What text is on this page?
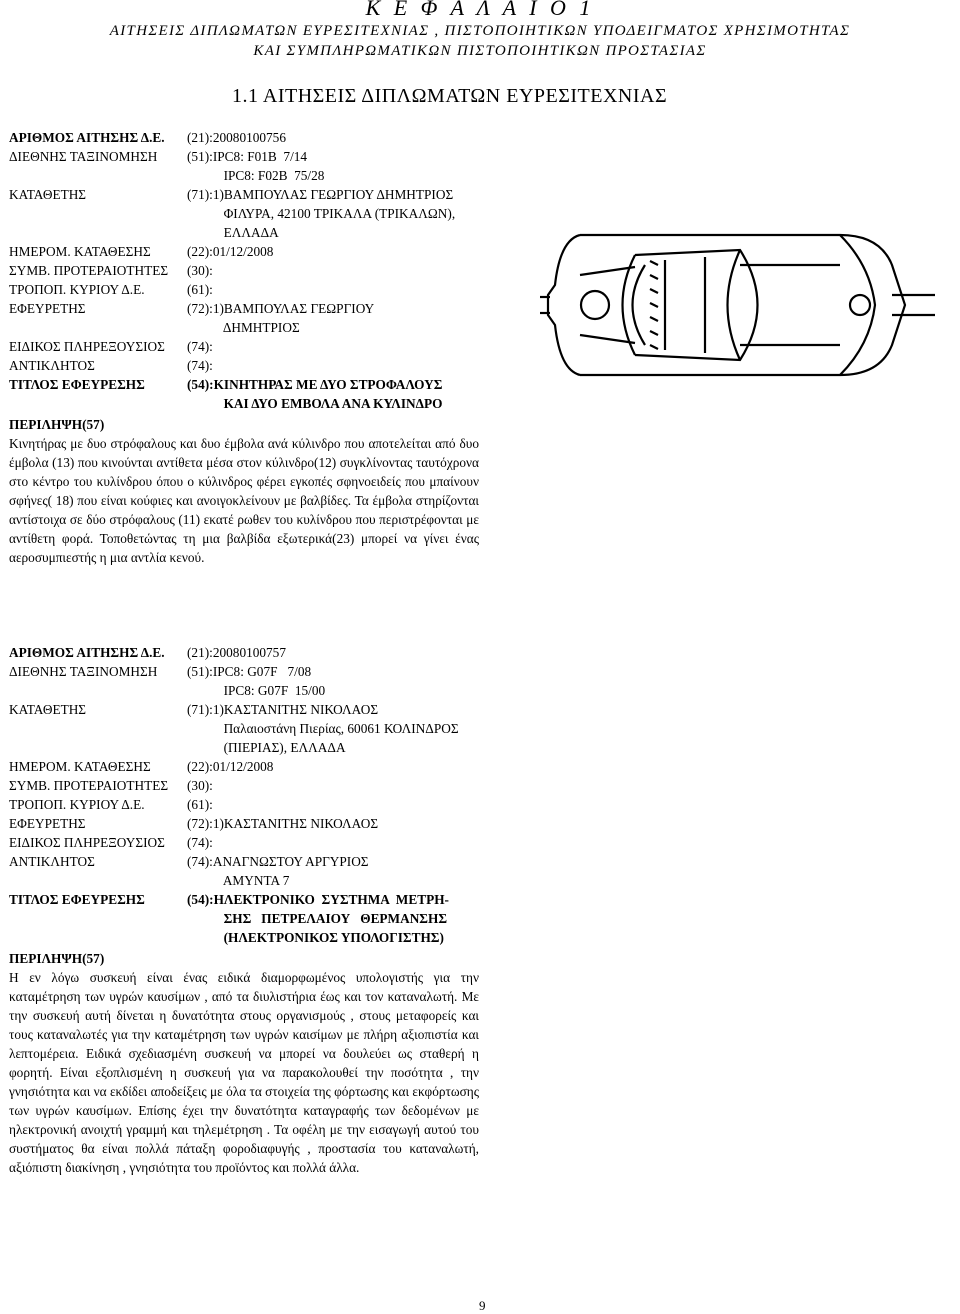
Κ Ε Φ Α Λ Α Ι Ο 1
ΑΙΤΗΣΕΙΣ ΔΙΠΛΩΜΑΤΩΝ ΕΥΡΕΣΙΤΕΧΝΙΑΣ , ΠΙΣΤΟΠΟΙΗΤΙΚΩΝ ΥΠΟΔΕΙΓΜΑΤΟΣ ΧΡΗΣΙΜΟΤΗΤΑΣ
ΚΑΙ ΣΥΜΠΛΗΡΩΜΑΤΙΚΩΝ ΠΙΣΤΟΠΟΙΗΤΙΚΩΝ ΠΡΟΣΤΑΣΙΑΣ
1.1 ΑΙΤΗΣΕΙΣ ΔΙΠΛΩΜΑΤΩΝ ΕΥΡΕΣΙΤΕΧΝΙΑΣ
ΑΡΙΘΜΟΣ ΑΙΤΗΣΗΣ Δ.Ε.	(21):20080100756
ΔΙΕΘΝΗΣ ΤΑΞΙΝΟΜΗΣΗ	(51):IPC8: F01B  7/14
IPC8: F02B  75/28
ΚΑΤΑΘΕΤΗΣ	(71):1)ΒΑΜΠΟΥΛΑΣ ΓΕΩΡΓΙΟΥ ΔΗΜΗΤΡΙΟΣ
ΦΙΛΥΡΑ, 42100 ΤΡΙΚΑΛΑ (ΤΡΙΚΑΛΩΝ),
ΕΛΛΑΔΑ
ΗΜΕΡΟΜ. ΚΑΤΑΘΕΣΗΣ	(22):01/12/2008
ΣΥΜΒ. ΠΡΟΤΕΡΑΙΟΤΗΤΕΣ	(30):
ΤΡΟΠΟΠ. ΚΥΡΙΟΥ Δ.Ε.	(61):
ΕΦΕΥΡΕΤΗΣ	(72):1)ΒΑΜΠΟΥΛΑΣ ΓΕΩΡΓΙΟΥ
ΔΗΜΗΤΡΙΟΣ
ΕΙΔΙΚΟΣ ΠΛΗΡΕΞΟΥΣΙΟΣ	(74):
ΑΝΤΙΚΛΗΤΟΣ	(74):
ΤΙΤΛΟΣ ΕΦΕΥΡΕΣΗΣ	(54):ΚΙΝΗΤΗΡΑΣ ΜΕ ΔΥΟ ΣΤΡΟΦΑΛΟΥΣ
ΚΑΙ ΔΥΟ ΕΜΒΟΛΑ ΑΝΑ ΚΥΛΙΝΔΡΟ
ΠΕΡΙΛΗΨΗ(57)
Κινητήρας με δυο στρόφαλους και δυο έμβολα ανά κύλινδρο που αποτελείται από δυο έμβολα (13) που κινούνται αντίθετα μέσα στον κύλινδρο(12) συγκλίνοντας ταυτόχρονα στο κέντρο του κυλίνδρου όπου ο κύλινδρος φέρει εγκοπές σφηνοειδείς που μπαίνουν σφήνες( 18) που είναι κούφιες και ανοιγοκλείνουν με βαλβίδες. Τα έμβολα στηρίζονται αντίστοιχα σε δύο στρόφαλους (11) εκατέ ρωθεν του κυλίνδρου που περιστρέφονται με αντίθετη φορά. Τοποθετώντας τη μια βαλβίδα εξωτερικά(23) μπορεί να γίνει ένας αεροσυμπιεστής η μια αντλία κενού.
ΑΡΙΘΜΟΣ ΑΙΤΗΣΗΣ Δ.Ε.	(21):20080100757
ΔΙΕΘΝΗΣ ΤΑΞΙΝΟΜΗΣΗ	(51):IPC8: G07F   7/08
IPC8: G07F  15/00
ΚΑΤΑΘΕΤΗΣ	(71):1)ΚΑΣΤΑΝΙΤΗΣ ΝΙΚΟΛΑΟΣ
Παλαιοστάνη Πιερίας, 60061 ΚΟΛΙΝΔΡΟΣ
(ΠΙΕΡΙΑΣ), ΕΛΛΑΔΑ
ΗΜΕΡΟΜ. ΚΑΤΑΘΕΣΗΣ	(22):01/12/2008
ΣΥΜΒ. ΠΡΟΤΕΡΑΙΟΤΗΤΕΣ	(30):
ΤΡΟΠΟΠ. ΚΥΡΙΟΥ Δ.Ε.	(61):
ΕΦΕΥΡΕΤΗΣ	(72):1)ΚΑΣΤΑΝΙΤΗΣ ΝΙΚΟΛΑΟΣ
ΕΙΔΙΚΟΣ ΠΛΗΡΕΞΟΥΣΙΟΣ	(74):
ΑΝΤΙΚΛΗΤΟΣ	(74):ΑΝΑΓΝΩΣΤΟΥ ΑΡΓΥΡΙΟΣ
ΑΜΥΝΤΑ 7
ΤΙΤΛΟΣ ΕΦΕΥΡΕΣΗΣ	(54):ΗΛΕΚΤΡΟΝΙΚΟ  ΣΥΣΤΗΜΑ  ΜΕΤΡΗ-
ΣΗΣ   ΠΕΤΡΕΛΑΙΟΥ   ΘΕΡΜΑΝΣΗΣ
(ΗΛΕΚΤΡΟΝΙΚΟΣ ΥΠΟΛΟΓΙΣΤΗΣ)
ΠΕΡΙΛΗΨΗ(57)
Η εν λόγω συσκευή είναι ένας ειδικά διαμορφωμένος υπολογιστής για την καταμέτρηση των υγρών καυσίμων , από τα διυλιστήρια έως και τον καταναλωτή. Με την συσκευή αυτή δίνεται η δυνατότητα στους οργανισμούς , στους μεταφορείς και τους καταναλωτές για την καταμέτρηση των υγρών καισίμων με πλήρη αξιοπιστία και λεπτομέρεια. Ειδικά σχεδιασμένη συσκευή να μπορεί να δουλεύει ως σταθερή η φορητή. Είναι εξοπλισμένη η συσκευή για να παρακολουθεί την ποσότητα , την γνησιότητα και να εκδίδει αποδείξεις με όλα τα στοιχεία της φόρτωσης και εκφόρτωσης των υγρών καυσίμων. Επίσης έχει την δυνατότητα καταγραφής των δεδομένων με ηλεκτρονική ανοιχτή γραμμή και τηλεμέτρηση . Τα οφέλη με την εισαγωγή αυτού του συστήματος θα είναι πολλά πάταξη φοροδιαφυγής , προστασία του καταναλωτή, αξιόπιστη διακίνηση , γνησιότητα του προϊόντος και πολλά άλλα.
9
